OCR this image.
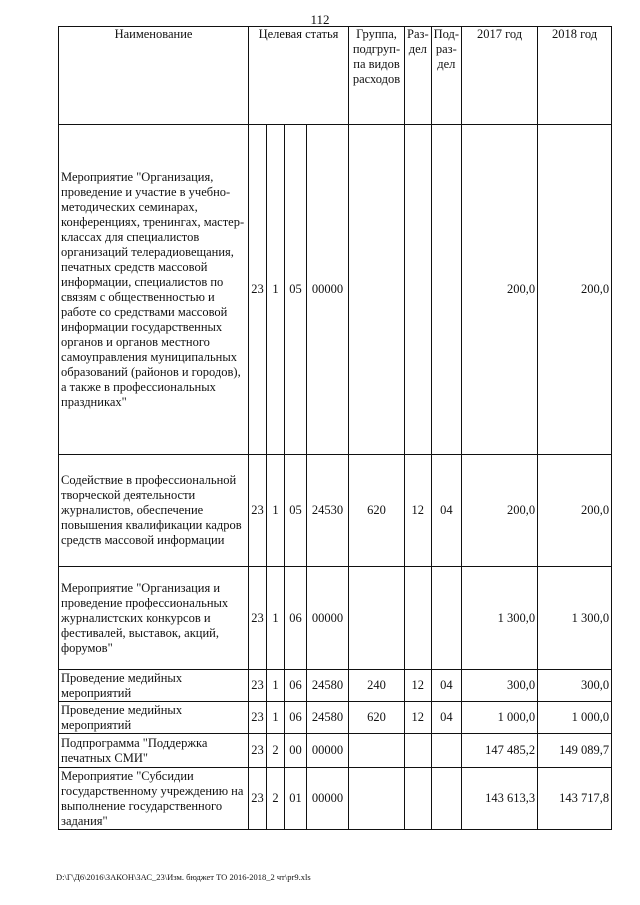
112
Наименование	Целевая статья				Группа, подгруп-па видов расходов	Раз-дел	Под-раз-дел	2017 год	2018 год
Мероприятие "Организация, проведение и участие в учебно-методических семинарах, конференциях, тренингах, мастер-классах для специалистов организаций телерадиовещания, печатных средств массовой информации, специалистов по связям с общественностью и работе со средствами массовой информации государственных органов и органов местного самоуправления муниципальных образований (районов и городов), а также в профессиональных праздниках"	23	1	05	00000				200,0	200,0
Содействие в профессиональной творческой деятельности журналистов, обеспечение повышения квалификации кадров средств массовой информации	23	1	05	24530	620	12	04	200,0	200,0
Мероприятие "Организация и проведение профессиональных журналистских конкурсов и фестивалей, выставок, акций, форумов"	23	1	06	00000				1 300,0	1 300,0
Проведение медийных мероприятий	23	1	06	24580	240	12	04	300,0	300,0
Проведение медийных мероприятий	23	1	06	24580	620	12	04	1 000,0	1 000,0
Подпрограмма "Поддержка печатных СМИ"	23	2	00	00000				147 485,2	149 089,7
Мероприятие "Субсидии государственному учреждению на выполнение государственного задания"	23	2	01	00000				143 613,3	143 717,8
D:\Г\Д6\2016\ЗАКОН\ЗАС_23\Изм. бюджет ТО 2016-2018_2 чт\pr9.xls
